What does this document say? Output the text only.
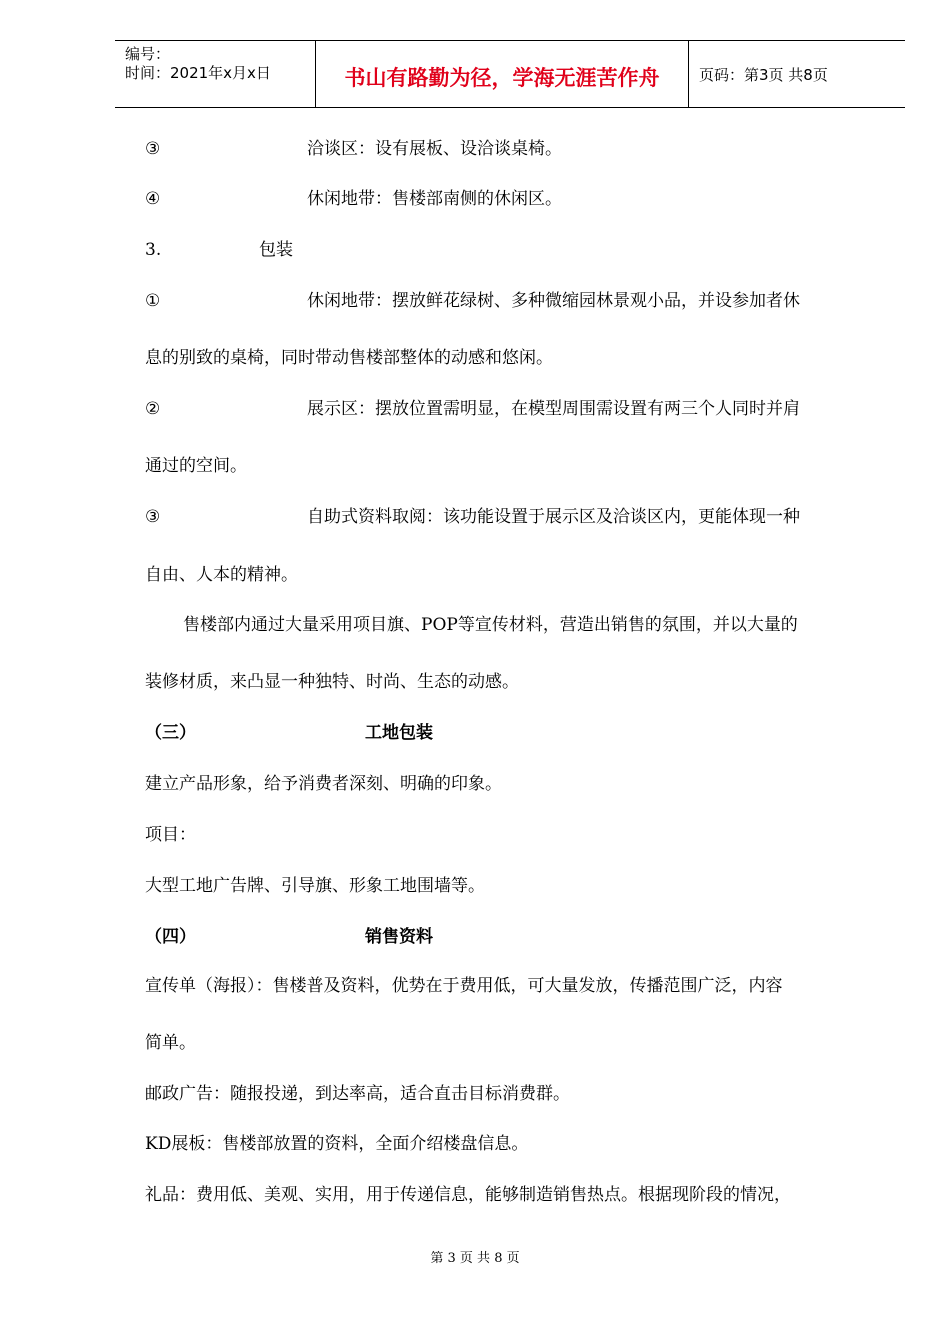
编号：
时间：2021年x月x日	书山有路勤为径，学海无涯苦作舟	页码：第3页 共8页
③	洽谈区：设有展板、设洽谈桌椅。
④	休闲地带：售楼部南侧的休闲区。
3.	包装
①	休闲地带：摆放鲜花绿树、多种微缩园林景观小品，并设参加者休
息的别致的桌椅，同时带动售楼部整体的动感和悠闲。
②	展示区：摆放位置需明显，在模型周围需设置有两三个人同时并肩
通过的空间。
③	自助式资料取阅：该功能设置于展示区及洽谈区内，更能体现一种
自由、人本的精神。
售楼部内通过大量采用项目旗、POP等宣传材料，营造出销售的氛围，并以大量的
装修材质，来凸显一种独特、时尚、生态的动感。
（三）	工地包装
建立产品形象，给予消费者深刻、明确的印象。
项目：
大型工地广告牌、引导旗、形象工地围墙等。
（四）	销售资料
宣传单（海报）：售楼普及资料，优势在于费用低，可大量发放，传播范围广泛，内容
简单。
邮政广告：随报投递，到达率高，适合直击目标消费群。
KD展板：售楼部放置的资料，全面介绍楼盘信息。
礼品：费用低、美观、实用，用于传递信息，能够制造销售热点。根据现阶段的情况，
第 3 页 共 8 页
